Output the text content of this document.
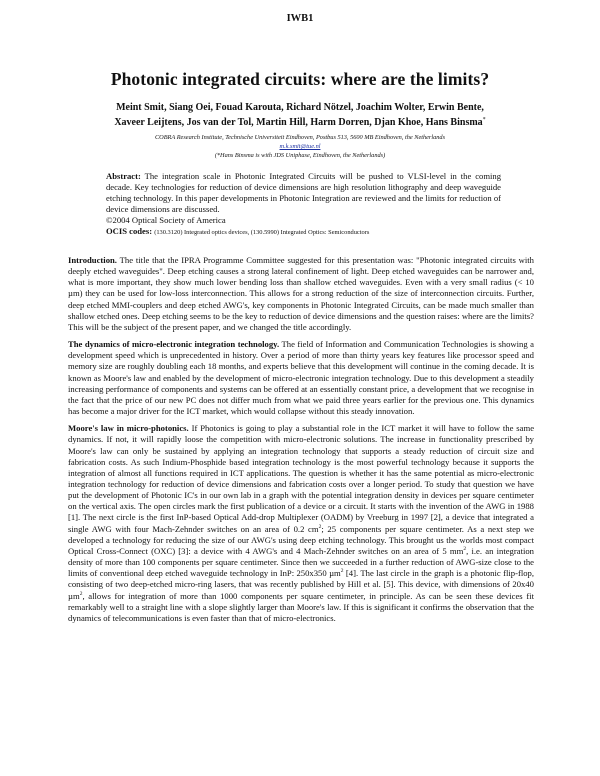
IWB1
Photonic integrated circuits: where are the limits?
Meint Smit, Siang Oei, Fouad Karouta, Richard Nötzel, Joachim Wolter, Erwin Bente,
Xaveer Leijtens, Jos van der Tol, Martin Hill, Harm Dorren, Djan Khoe, Hans Binsma*
COBRA Research Institute, Technische Universiteit Eindhoven, Postbus 513, 5600 MB Eindhoven, the Netherlands
m.k.smit@tue.nl
(*Hans Binsma is with JDS Uniphase, Eindhoven, the Netherlands)
Abstract: The integration scale in Photonic Integrated Circuits will be pushed to VLSI-level in the coming decade. Key technologies for reduction of device dimensions are high resolution lithography and deep waveguide etching technology. In this paper developments in Photonic Integration are reviewed and the limits for reduction of device dimensions are discussed.
©2004 Optical Society of America
OCIS codes: (130.3120) Integrated optics devices, (130.5990) Integrated Optics: Semiconductors

Introduction. The title that the IPRA Programme Committee suggested for this presentation was: "Photonic integrated circuits with deeply etched waveguides". Deep etching causes a strong lateral confinement of light. Deep etched waveguides can be narrower and, what is more important, they show much lower bending loss than shallow etched waveguides. Even with a very small radius (< 10 µm) they can be used for low-loss interconnection. This allows for a strong reduction of the size of interconnection circuits. Further, deep etched MMI-couplers and deep etched AWG's, key components in Photonic Integrated Circuits, can be made much smaller than shallow etched ones. Deep etching seems to be the key to reduction of device dimensions and the question raises: where are the limits? This will be the subject of the present paper, and we changed the title accordingly.

The dynamics of micro-electronic integration technology. The field of Information and Communication Technologies is showing a development speed which is unprecedented in history. Over a period of more than thirty years key features like processor speed and memory size are roughly doubling each 18 months, and experts believe that this development will continue in the coming decade. It is known as Moore's law and enabled by the development of micro-electronic integration technology. Due to this development a steadily increasing performance of components and systems can be offered at an essentially constant price, a development that we recognise in the fact that the price of our new PC does not differ much from what we paid three years earlier for the previous one. This dynamics has become a major driver for the ICT market, which would collapse without this steady innovation.

Moore's law in micro-photonics. If Photonics is going to play a substantial role in the ICT market it will have to follow the same dynamics. If not, it will rapidly loose the competition with micro-electronic solutions. The increase in functionality prescribed by Moore's law can only be sustained by applying an integration technology that supports a steady reduction of circuit size and fabrication costs. As such Indium-Phosphide based integration technology is the most powerful technology because it supports the integration of almost all functions required in ICT applications. The question is whether it has the same potential as micro-electronic integration technology for reduction of device dimensions and fabrication costs over a longer period. To study that question we have put the development of Photonic IC's in our own lab in a graph with the potential integration density in devices per square centimeter on the vertical axis. The open circles mark the first publication of a device or a circuit. It starts with the invention of the AWG in 1988 [1]. The next circle is the first InP-based Optical Add-drop Multiplexer (OADM) by Vreeburg in 1997 [2], a device that integrated a single AWG with four Mach-Zehnder switches on an area of 0.2 $cm^2$; 25 components per square centimeter. As a next step we developed a technology for reducing the size of our AWG's using deep etching technology. This brought us the worlds most compact Optical Cross-Connect (OXC) [3]: a device with 4 AWG's and 4 Mach-Zehnder switches on an area of 5 $mm^2$, i.e. an integration density of more than 100 components per square centimeter. Since then we succeeded in a further reduction of AWG-size close to the limits of conventional deep etched waveguide technology in InP: 250x350 µm$^2$ [4]. The last circle in the graph is a photonic flip-flop, consisting of two deep-etched micro-ring lasers, that was recently published by Hill et al. [5]. This device, with dimensions of 20x40 µm$^2$, allows for integration of more than 1000 components per square centimeter, in principle. As can be seen these devices fit remarkably well to a straight line with a slope slightly larger than Moore's law. If this is significant it confirms the observation that the dynamics of telecommunications is even faster than that of micro-electronics.
